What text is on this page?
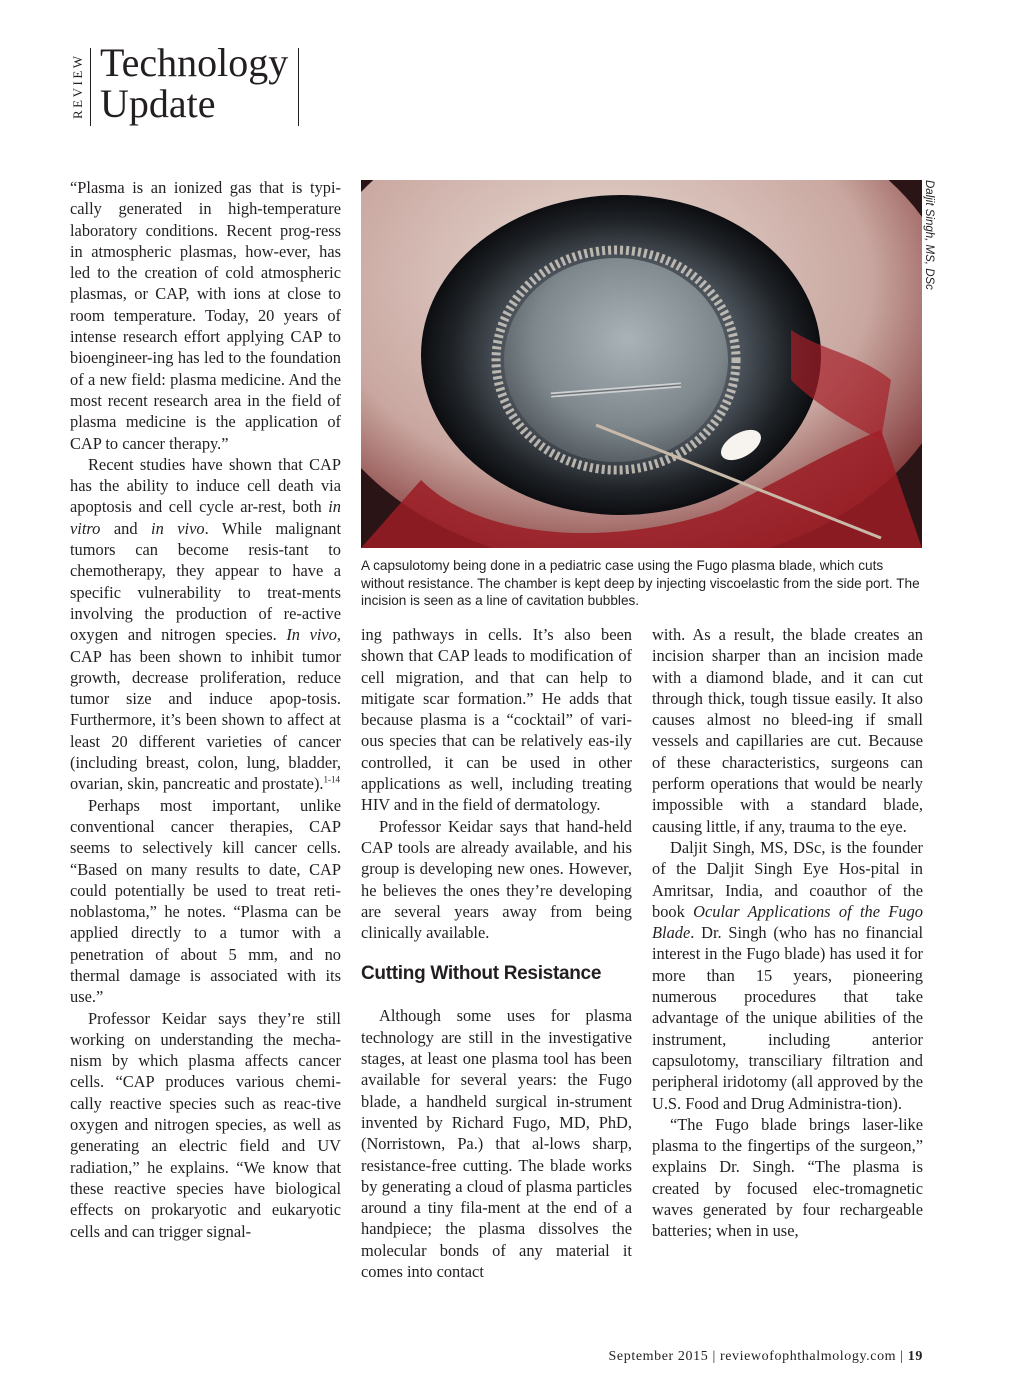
REVIEW Technology
Update

“Plasma is an ionized gas that is typi-cally generated in high-temperature laboratory conditions. Recent prog-ress in atmospheric plasmas, how-ever, has led to the creation of cold atmospheric plasmas, or CAP, with ions at close to room temperature. Today, 20 years of intense research effort applying CAP to bioengineer-ing has led to the foundation of a new field: plasma medicine. And the most recent research area in the field of plasma medicine is the application of CAP to cancer therapy.”

Recent studies have shown that CAP has the ability to induce cell death via apoptosis and cell cycle ar-rest, both in vitro and in vivo. While malignant tumors can become resis-tant to chemotherapy, they appear to have a specific vulnerability to treat-ments involving the production of re-active oxygen and nitrogen species. In vivo, CAP has been shown to inhibit tumor growth, decrease proliferation, reduce tumor size and induce apop-tosis. Furthermore, it’s been shown to affect at least 20 different varieties of cancer (including breast, colon, lung, bladder, ovarian, skin, pancreatic and prostate).$^{1-14}$

Perhaps most important, unlike conventional cancer therapies, CAP seems to selectively kill cancer cells. “Based on many results to date, CAP could potentially be used to treat reti-noblastoma,” he notes. “Plasma can be applied directly to a tumor with a penetration of about 5 mm, and no thermal damage is associated with its use.”

Professor Keidar says they’re still working on understanding the mecha-nism by which plasma affects cancer cells. “CAP produces various chemi-cally reactive species such as reac-tive oxygen and nitrogen species, as well as generating an electric field and UV radiation,” he explains. “We know that these reactive species have biological effects on prokaryotic and eukaryotic cells and can trigger signal-

Daljit Singh, MS, DSc
A capsulotomy being done in a pediatric case using the Fugo plasma blade, which cuts without resistance. The chamber is kept deep by injecting viscoelastic from the side port. The incision is seen as a line of cavitation bubbles.

ing pathways in cells. It’s also been shown that CAP leads to modification of cell migration, and that can help to mitigate scar formation.” He adds that because plasma is a “cocktail” of vari-ous species that can be relatively eas-ily controlled, it can be used in other applications as well, including treating HIV and in the field of dermatology.

Professor Keidar says that hand-held CAP tools are already available, and his group is developing new ones. However, he believes the ones they’re developing are several years away from being clinically available.

Cutting Without Resistance

Although some uses for plasma technology are still in the investigative stages, at least one plasma tool has been available for several years: the Fugo blade, a handheld surgical in-strument invented by Richard Fugo, MD, PhD, (Norristown, Pa.) that al-lows sharp, resistance-free cutting. The blade works by generating a cloud of plasma particles around a tiny fila-ment at the end of a handpiece; the plasma dissolves the molecular bonds of any material it comes into contact

with. As a result, the blade creates an incision sharper than an incision made with a diamond blade, and it can cut through thick, tough tissue easily. It also causes almost no bleed-ing if small vessels and capillaries are cut. Because of these characteristics, surgeons can perform operations that would be nearly impossible with a standard blade, causing little, if any, trauma to the eye.

Daljit Singh, MS, DSc, is the founder of the Daljit Singh Eye Hos-pital in Amritsar, India, and coauthor of the book Ocular Applications of the Fugo Blade. Dr. Singh (who has no financial interest in the Fugo blade) has used it for more than 15 years, pioneering numerous procedures that take advantage of the unique abilities of the instrument, including anterior capsulotomy, transciliary filtration and peripheral iridotomy (all approved by the U.S. Food and Drug Administra-tion).

“The Fugo blade brings laser-like plasma to the fingertips of the surgeon,” explains Dr. Singh. “The plasma is created by focused elec-tromagnetic waves generated by four rechargeable batteries; when in use,

September 2015 | reviewofophthalmology.com | 19
